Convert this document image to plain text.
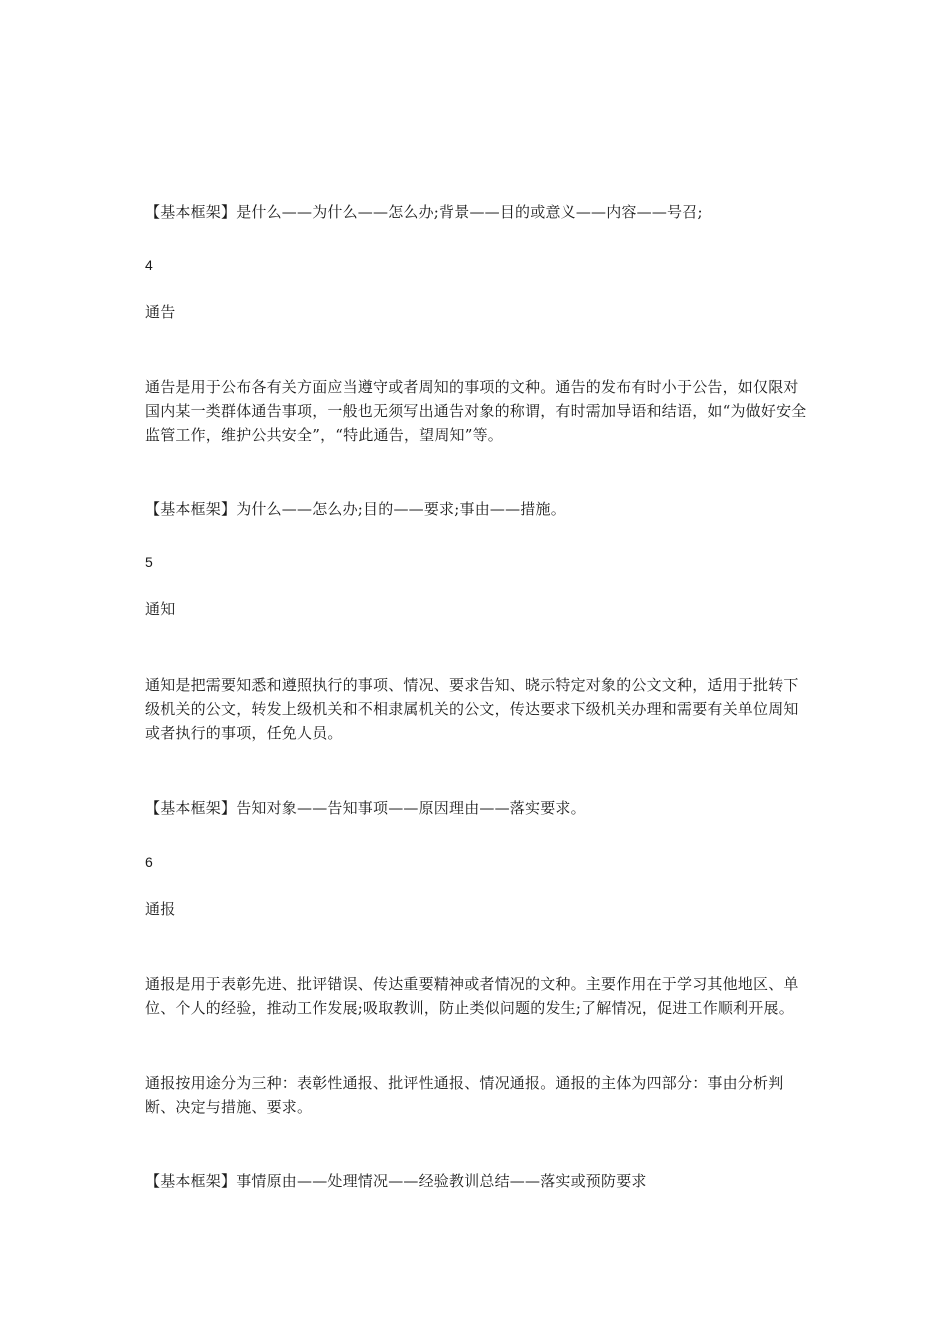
【基本框架】是什么——为什么——怎么办;背景——目的或意义——内容——号召;

4

通告

通告是用于公布各有关方面应当遵守或者周知的事项的文种。通告的发布有时小于公告，如仅限对国内某一类群体通告事项，一般也无须写出通告对象的称谓，有时需加导语和结语，如“为做好安全监管工作，维护公共安全”，“特此通告，望周知”等。

【基本框架】为什么——怎么办;目的——要求;事由——措施。

5

通知

通知是把需要知悉和遵照执行的事项、情况、要求告知、晓示特定对象的公文文种，适用于批转下级机关的公文，转发上级机关和不相隶属机关的公文，传达要求下级机关办理和需要有关单位周知或者执行的事项，任免人员。

【基本框架】告知对象——告知事项——原因理由——落实要求。

6

通报

通报是用于表彰先进、批评错误、传达重要精神或者情况的文种。主要作用在于学习其他地区、单位、个人的经验，推动工作发展;吸取教训，防止类似问题的发生;了解情况，促进工作顺利开展。

通报按用途分为三种：表彰性通报、批评性通报、情况通报。通报的主体为四部分：事由分析判断、决定与措施、要求。

【基本框架】事情原由——处理情况——经验教训总结——落实或预防要求
